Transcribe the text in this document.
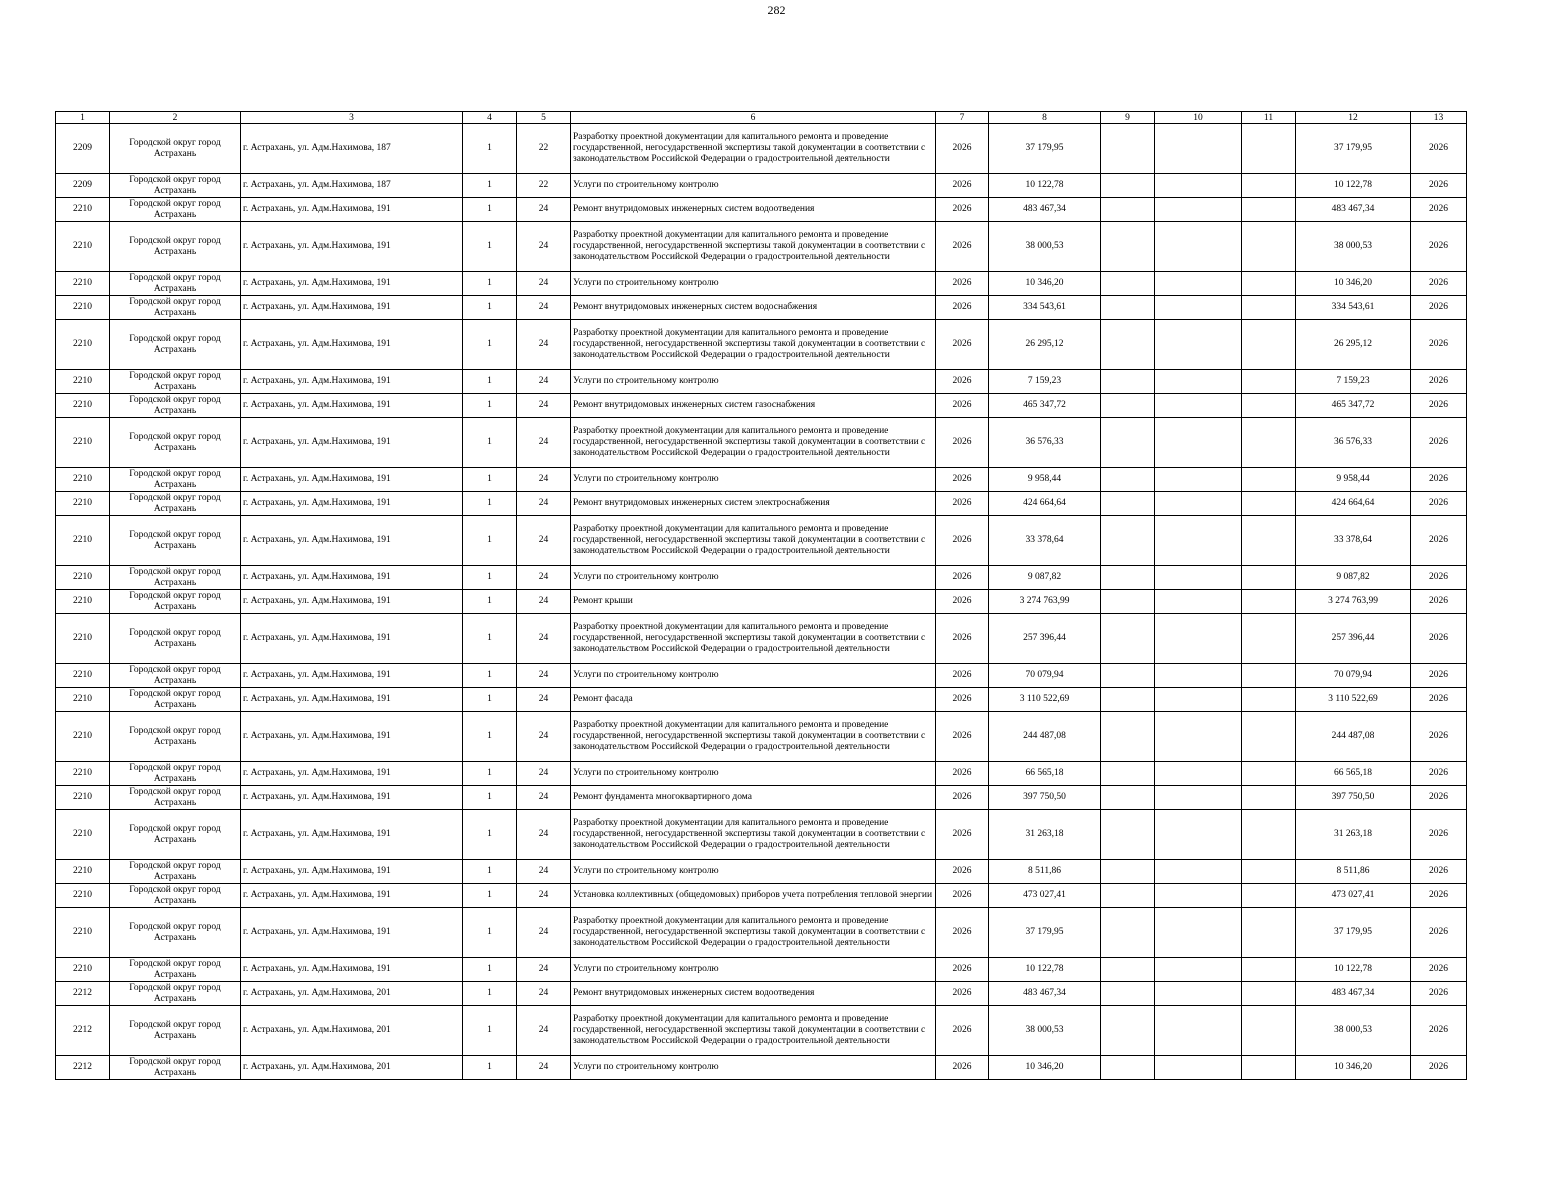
282
1	2	3	4	5	6	7	8	9	10	11	12	13
2209	Городской округ город Астрахань	г. Астрахань, ул. Адм.Нахимова, 187	1	22	Разработку проектной документации для капитального ремонта и проведение государственной, негосударственной экспертизы такой документации в соответствии с законодательством Российской Федерации о градостроительной деятельности	2026	37 179,95				37 179,95	2026
2209	Городской округ город Астрахань	г. Астрахань, ул. Адм.Нахимова, 187	1	22	Услуги по строительному контролю	2026	10 122,78				10 122,78	2026
2210	Городской округ город Астрахань	г. Астрахань, ул. Адм.Нахимова, 191	1	24	Ремонт внутридомовых инженерных систем водоотведения	2026	483 467,34				483 467,34	2026
2210	Городской округ город Астрахань	г. Астрахань, ул. Адм.Нахимова, 191	1	24	Разработку проектной документации для капитального ремонта и проведение государственной, негосударственной экспертизы такой документации в соответствии с законодательством Российской Федерации о градостроительной деятельности	2026	38 000,53				38 000,53	2026
2210	Городской округ город Астрахань	г. Астрахань, ул. Адм.Нахимова, 191	1	24	Услуги по строительному контролю	2026	10 346,20				10 346,20	2026
2210	Городской округ город Астрахань	г. Астрахань, ул. Адм.Нахимова, 191	1	24	Ремонт внутридомовых инженерных систем водоснабжения	2026	334 543,61				334 543,61	2026
2210	Городской округ город Астрахань	г. Астрахань, ул. Адм.Нахимова, 191	1	24	Разработку проектной документации для капитального ремонта и проведение государственной, негосударственной экспертизы такой документации в соответствии с законодательством Российской Федерации о градостроительной деятельности	2026	26 295,12				26 295,12	2026
2210	Городской округ город Астрахань	г. Астрахань, ул. Адм.Нахимова, 191	1	24	Услуги по строительному контролю	2026	7 159,23				7 159,23	2026
2210	Городской округ город Астрахань	г. Астрахань, ул. Адм.Нахимова, 191	1	24	Ремонт внутридомовых инженерных систем газоснабжения	2026	465 347,72				465 347,72	2026
2210	Городской округ город Астрахань	г. Астрахань, ул. Адм.Нахимова, 191	1	24	Разработку проектной документации для капитального ремонта и проведение государственной, негосударственной экспертизы такой документации в соответствии с законодательством Российской Федерации о градостроительной деятельности	2026	36 576,33				36 576,33	2026
2210	Городской округ город Астрахань	г. Астрахань, ул. Адм.Нахимова, 191	1	24	Услуги по строительному контролю	2026	9 958,44				9 958,44	2026
2210	Городской округ город Астрахань	г. Астрахань, ул. Адм.Нахимова, 191	1	24	Ремонт внутридомовых инженерных систем электроснабжения	2026	424 664,64				424 664,64	2026
2210	Городской округ город Астрахань	г. Астрахань, ул. Адм.Нахимова, 191	1	24	Разработку проектной документации для капитального ремонта и проведение государственной, негосударственной экспертизы такой документации в соответствии с законодательством Российской Федерации о градостроительной деятельности	2026	33 378,64				33 378,64	2026
2210	Городской округ город Астрахань	г. Астрахань, ул. Адм.Нахимова, 191	1	24	Услуги по строительному контролю	2026	9 087,82				9 087,82	2026
2210	Городской округ город Астрахань	г. Астрахань, ул. Адм.Нахимова, 191	1	24	Ремонт крыши	2026	3 274 763,99				3 274 763,99	2026
2210	Городской округ город Астрахань	г. Астрахань, ул. Адм.Нахимова, 191	1	24	Разработку проектной документации для капитального ремонта и проведение государственной, негосударственной экспертизы такой документации в соответствии с законодательством Российской Федерации о градостроительной деятельности	2026	257 396,44				257 396,44	2026
2210	Городской округ город Астрахань	г. Астрахань, ул. Адм.Нахимова, 191	1	24	Услуги по строительному контролю	2026	70 079,94				70 079,94	2026
2210	Городской округ город Астрахань	г. Астрахань, ул. Адм.Нахимова, 191	1	24	Ремонт фасада	2026	3 110 522,69				3 110 522,69	2026
2210	Городской округ город Астрахань	г. Астрахань, ул. Адм.Нахимова, 191	1	24	Разработку проектной документации для капитального ремонта и проведение государственной, негосударственной экспертизы такой документации в соответствии с законодательством Российской Федерации о градостроительной деятельности	2026	244 487,08				244 487,08	2026
2210	Городской округ город Астрахань	г. Астрахань, ул. Адм.Нахимова, 191	1	24	Услуги по строительному контролю	2026	66 565,18				66 565,18	2026
2210	Городской округ город Астрахань	г. Астрахань, ул. Адм.Нахимова, 191	1	24	Ремонт фундамента многоквартирного дома	2026	397 750,50				397 750,50	2026
2210	Городской округ город Астрахань	г. Астрахань, ул. Адм.Нахимова, 191	1	24	Разработку проектной документации для капитального ремонта и проведение государственной, негосударственной экспертизы такой документации в соответствии с законодательством Российской Федерации о градостроительной деятельности	2026	31 263,18				31 263,18	2026
2210	Городской округ город Астрахань	г. Астрахань, ул. Адм.Нахимова, 191	1	24	Услуги по строительному контролю	2026	8 511,86				8 511,86	2026
2210	Городской округ город Астрахань	г. Астрахань, ул. Адм.Нахимова, 191	1	24	Установка коллективных (общедомовых) приборов учета потребления тепловой энергии	2026	473 027,41				473 027,41	2026
2210	Городской округ город Астрахань	г. Астрахань, ул. Адм.Нахимова, 191	1	24	Разработку проектной документации для капитального ремонта и проведение государственной, негосударственной экспертизы такой документации в соответствии с законодательством Российской Федерации о градостроительной деятельности	2026	37 179,95				37 179,95	2026
2210	Городской округ город Астрахань	г. Астрахань, ул. Адм.Нахимова, 191	1	24	Услуги по строительному контролю	2026	10 122,78				10 122,78	2026
2212	Городской округ город Астрахань	г. Астрахань, ул. Адм.Нахимова, 201	1	24	Ремонт внутридомовых инженерных систем водоотведения	2026	483 467,34				483 467,34	2026
2212	Городской округ город Астрахань	г. Астрахань, ул. Адм.Нахимова, 201	1	24	Разработку проектной документации для капитального ремонта и проведение государственной, негосударственной экспертизы такой документации в соответствии с законодательством Российской Федерации о градостроительной деятельности	2026	38 000,53				38 000,53	2026
2212	Городской округ город Астрахань	г. Астрахань, ул. Адм.Нахимова, 201	1	24	Услуги по строительному контролю	2026	10 346,20				10 346,20	2026
